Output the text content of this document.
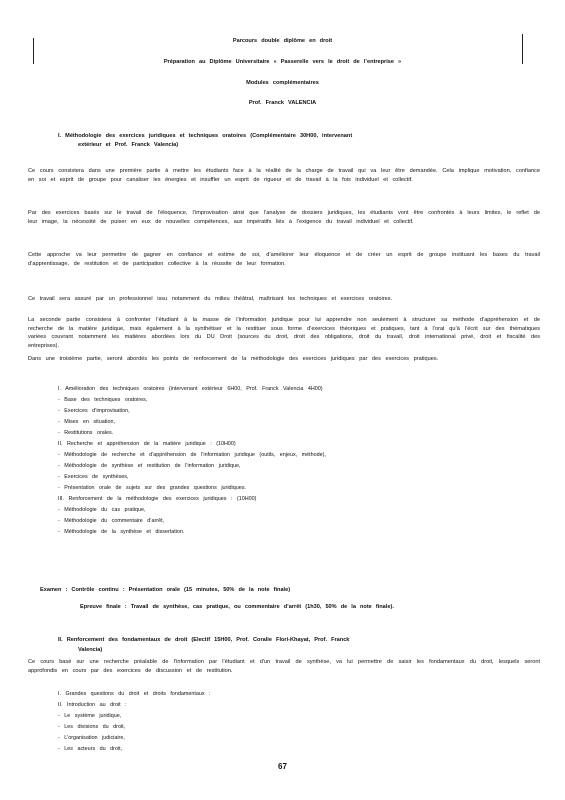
Parcours double diplôme en droit
Préparation au Diplôme Universitaire « Passerelle vers le droit de l’entreprise »
Modules complémentaires
Prof. Franck VALENCIA
I. Méthodologie des exercices juridiques et techniques oratoires (Complémentaire 30H00, intervenant
extérieur et Prof. Franck Valencia)
Ce cours consistera dans une première partie à mettre les étudiants face à la réalité de la charge de travail qui va leur être demandée. Cela implique motivation, confiance en soi et esprit de groupe pour canaliser les énergies et insuffler un esprit de rigueur et de travail à la fois individuel et collectif.
Par des exercices basés sur le travail de l’éloquence, l’improvisation ainsi que l’analyse de dossiers juridiques, les étudiants vont être confrontés à leurs limites, le reflet de leur image, la nécessité de puiser en eux de nouvelles compétences, aux impératifs liés à l’exigence du travail individuel et collectif.
Cette approche va leur permettre de gagner en confiance et estime de soi, d’améliorer leur éloquence et de créer un esprit de groupe instituant les bases du travail d’apprentissage, de restitution et de participation collective à la réussite de leur formation.
Ce travail sera assuré par un professionnel issu notamment du milieu théâtral, maîtrisant les techniques et exercices oratoires.
La seconde partie consistera à confronter l’étudiant à la masse de l’information juridique pour lui apprendre non seulement à structurer sa méthode d’appréhension et de recherche de la matière juridique, mais également à la synthétiser et la restituer sous forme d’exercices théoriques et pratiques, tant à l’oral qu’à l’écrit sur des thématiques variées couvrant notamment les matières abordées lors du DU Droit (sources du droit, droit des obligations, droit du travail, droit international privé, droit et fiscalité des entreprises).
Dans une troisième partie, seront abordés les points de renforcement de la méthodologie des exercices juridiques par des exercices pratiques.
I. Amélioration des techniques oratoires (intervenant extérieur 6H00, Prof. Franck Valencia 4H00)
- Base des techniques oratoires,
- Exercices d’improvisation,
- Mises en situation,
- Restitutions orales.
II. Recherche et appréhension de la matière juridique : (10H00)
- Méthodologie de recherche et d’appréhension de l’information juridique (outils, enjeux, méthode),
- Méthodologie de synthèse et restitution de l’information juridique,
- Exercices de synthèses,
- Présentation orale de sujets sur des grandes questions juridiques.
III. Renforcement de la méthodologie des exercices juridiques : (10H00)
- Méthodologie du cas pratique,
- Méthodologie du commentaire d’arrêt,
- Méthodologie de la synthèse et dissertation.
Examen : Contrôle continu : Présentation orale (15 minutes, 50% de la note finale)
Epreuve finale : Travail de synthèse, cas pratique, ou commentaire d’arrêt (1h30, 50% de la note finale).
II. Renforcement des fondamentaux de droit (Electif 15H00, Prof. Coralie Flori-Khayat, Prof. Franck
Valencia)
Ce cours basé sur une recherche préalable de l’information par l’étudiant et d’un travail de synthèse, va lui permettre de saisir les fondamentaux du droit, lesquels seront approfondis en cours par des exercices de discussion et de restitution.
I. Grandes questions du droit et droits fondamentaux :
II. Introduction au droit :
- Le système juridique,
- Les divisions du droit,
- L’organisation judiciaire,
- Les acteurs du droit,
67
